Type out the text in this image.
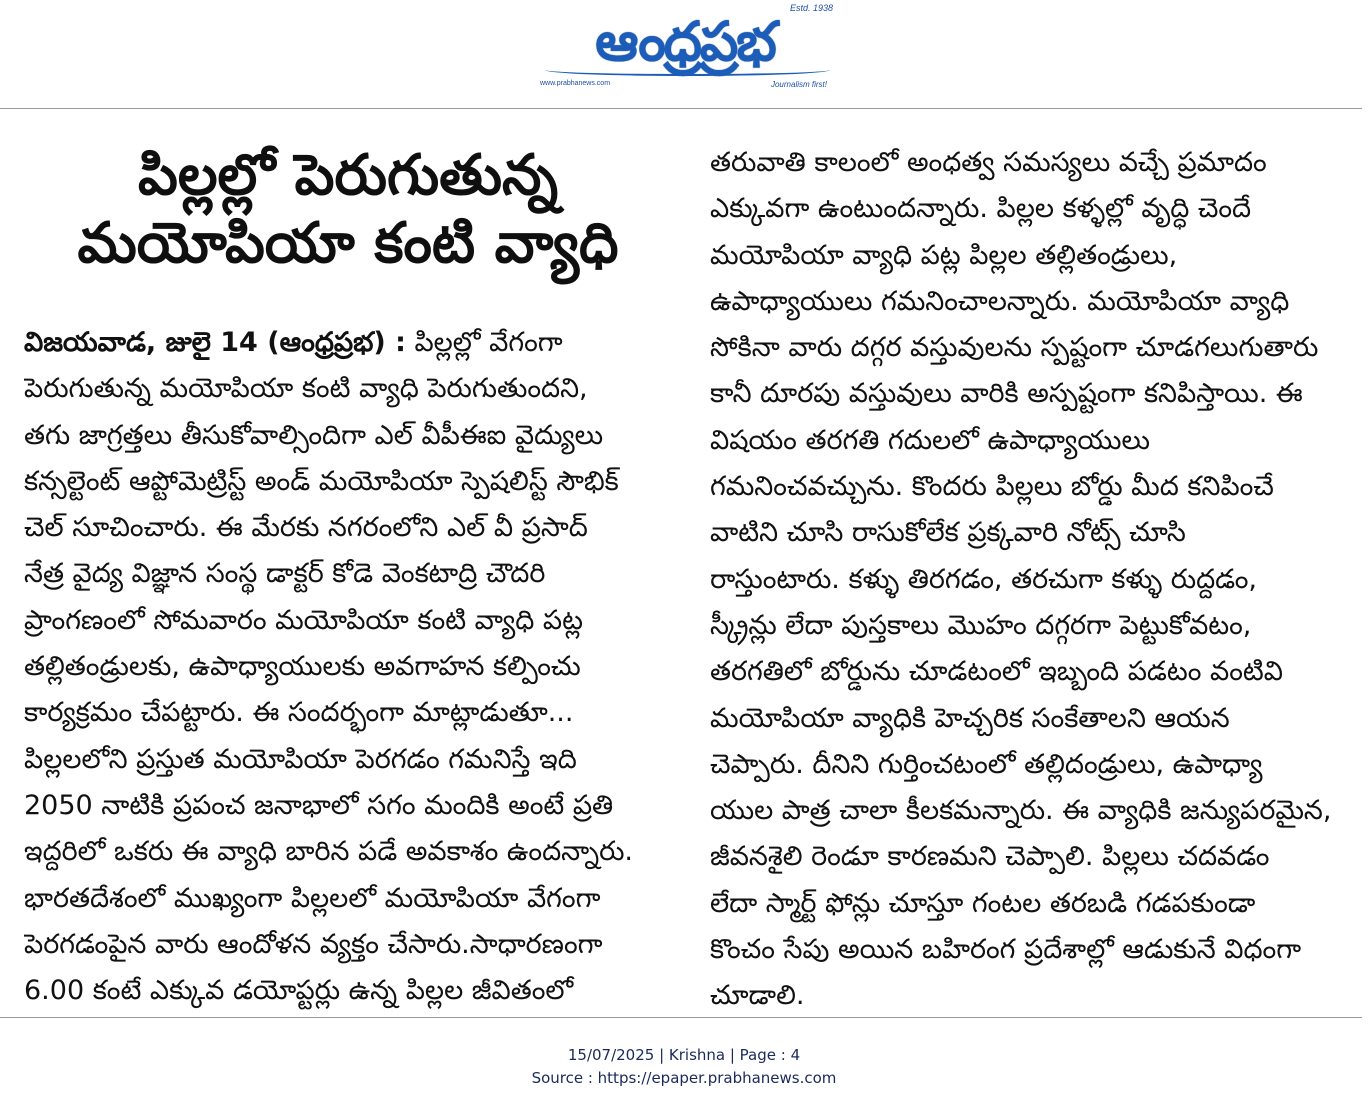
Estd. 1938
ఆంధ్రప్రభ
www.prabhanews.com	Journalism first!
పిల్లల్లో పెరుగుతున్న
మయోపియా కంటి వ్యాధి
విజయవాడ, జులై 14 (ఆంధ్రప్రభ) : పిల్లల్లో వేగంగా
పెరుగుతున్న మయోపియా కంటి వ్యాధి పెరుగుతుందని,
తగు జాగ్రత్తలు తీసుకోవాల్సిందిగా ఎల్ వీపీఈఐ వైద్యులు
కన్సల్టెంట్ ఆప్టోమెట్రిస్ట్ అండ్ మయోపియా స్పెషలిస్ట్ సౌభిక్
చెల్ సూచించారు. ఈ మేరకు నగరంలోని ఎల్ వీ ప్రసాద్
నేత్ర వైద్య విజ్ఞాన సంస్థ డాక్టర్ కోడె వెంకటాద్రి చౌదరి
ప్రాంగణంలో సోమవారం మయోపియా కంటి వ్యాధి పట్ల
తల్లితండ్రులకు, ఉపాధ్యాయులకు అవగాహన కల్పించు
కార్యక్రమం చేపట్టారు. ఈ సందర్భంగా మాట్లాడుతూ...
పిల్లలలోని ప్రస్తుత మయోపియా పెరగడం గమనిస్తే ఇది
2050 నాటికి ప్రపంచ జనాభాలో సగం మందికి అంటే ప్రతి
ఇద్దరిలో ఒకరు ఈ వ్యాధి బారిన పడే అవకాశం ఉందన్నారు.
భారతదేశంలో ముఖ్యంగా పిల్లలలో మయోపియా వేగంగా
పెరగడంపైన వారు ఆందోళన వ్యక్తం చేసారు.సాధారణంగా
6.00 కంటే ఎక్కువ డయోప్టర్లు ఉన్న పిల్లల జీవితంలో
తరువాతి కాలంలో అంధత్వ సమస్యలు వచ్చే ప్రమాదం
ఎక్కువగా ఉంటుందన్నారు. పిల్లల కళ్ళల్లో వృద్ధి చెందే
మయోపియా వ్యాధి పట్ల పిల్లల తల్లితండ్రులు,
ఉపాధ్యాయులు గమనించాలన్నారు. మయోపియా వ్యాధి
సోకినా వారు దగ్గర వస్తువులను స్పష్టంగా చూడగలుగుతారు
కానీ దూరపు వస్తువులు వారికి అస్పష్టంగా కనిపిస్తాయి. ఈ
విషయం తరగతి గదులలో ఉపాధ్యాయులు
గమనించవచ్చును. కొందరు పిల్లలు బోర్డు మీద కనిపించే
వాటిని చూసి రాసుకోలేక ప్రక్కవారి నోట్స్ చూసి
రాస్తుంటారు. కళ్ళు తిరగడం, తరచుగా కళ్ళు రుద్దడం,
స్క్రీన్లు లేదా పుస్తకాలు మొహం దగ్గరగా పెట్టుకోవటం,
తరగతిలో బోర్డును చూడటంలో ఇబ్బంది పడటం వంటివి
మయోపియా వ్యాధికి హెచ్చరిక సంకేతాలని ఆయన
చెప్పారు. దీనిని గుర్తించటంలో తల్లిదండ్రులు, ఉపాధ్యా
యుల పాత్ర చాలా కీలకమన్నారు. ఈ వ్యాధికి జన్యుపరమైన,
జీవనశైలి రెండూ కారణమని చెప్పాలి. పిల్లలు చదవడం
లేదా స్మార్ట్ ఫోన్లు చూస్తూ గంటల తరబడి గడపకుండా
కొంచం సేపు అయిన బహిరంగ ప్రదేశాల్లో ఆడుకునే విధంగా
చూడాలి.
15/07/2025 | Krishna | Page : 4
Source : https://epaper.prabhanews.com
